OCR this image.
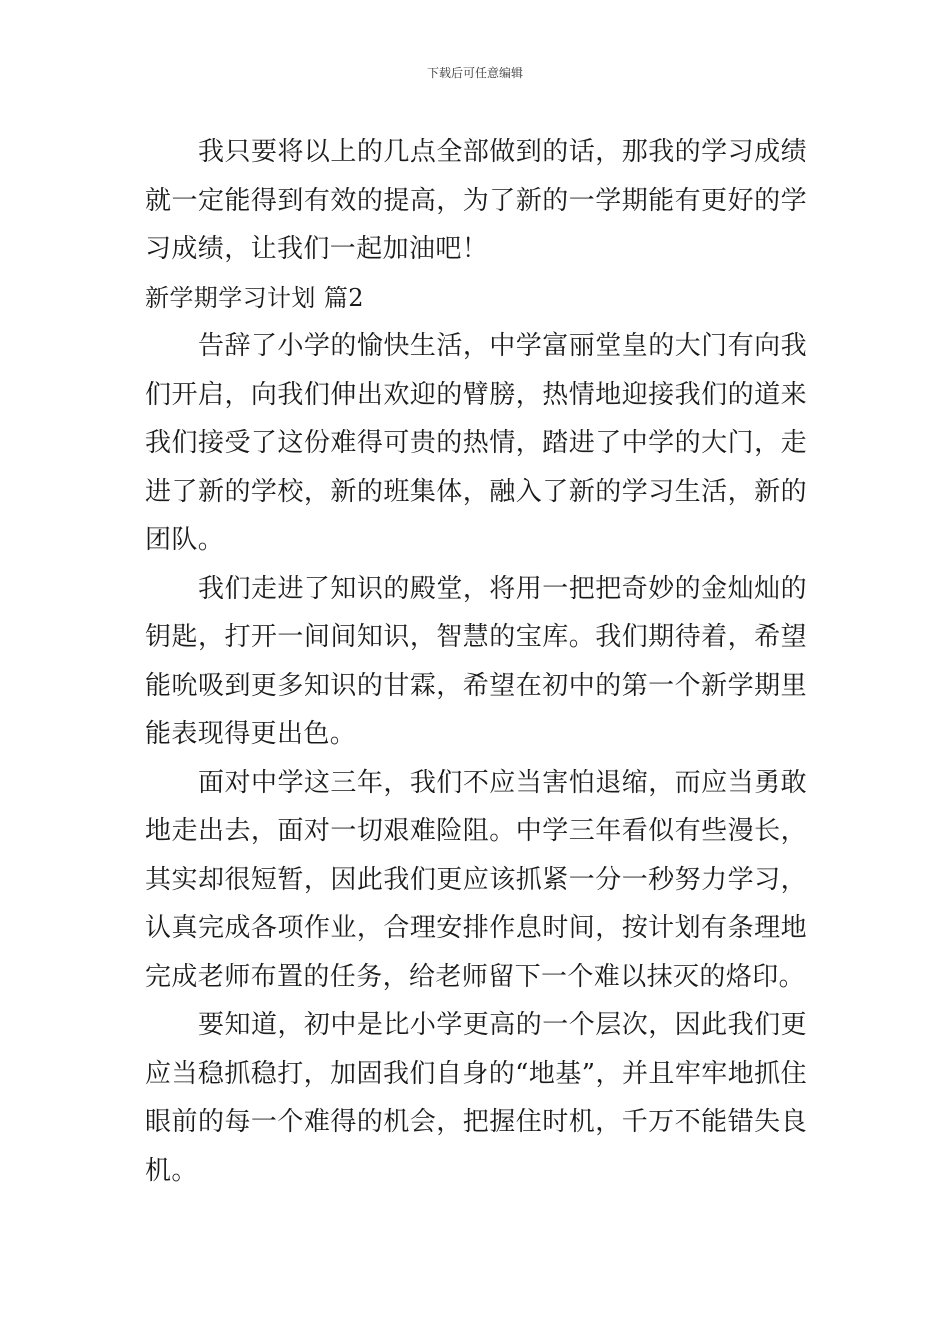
下载后可任意编辑

我只要将以上的几点全部做到的话，那我的学习成绩就一定能得到有效的提高，为了新的一学期能有更好的学习成绩，让我们一起加油吧！

新学期学习计划 篇2

告辞了小学的愉快生活，中学富丽堂皇的大门有向我们开启，向我们伸出欢迎的臂膀，热情地迎接我们的道来我们接受了这份难得可贵的热情，踏进了中学的大门，走进了新的学校，新的班集体，融入了新的学习生活，新的团队。

我们走进了知识的殿堂，将用一把把奇妙的金灿灿的钥匙，打开一间间知识，智慧的宝库。我们期待着，希望能吮吸到更多知识的甘霖，希望在初中的第一个新学期里能表现得更出色。

面对中学这三年，我们不应当害怕退缩，而应当勇敢地走出去，面对一切艰难险阻。中学三年看似有些漫长，其实却很短暂，因此我们更应该抓紧一分一秒努力学习，认真完成各项作业，合理安排作息时间，按计划有条理地完成老师布置的任务，给老师留下一个难以抹灭的烙印。

要知道，初中是比小学更高的一个层次，因此我们更应当稳抓稳打，加固我们自身的“地基”，并且牢牢地抓住眼前的每一个难得的机会，把握住时机，千万不能错失良机。
